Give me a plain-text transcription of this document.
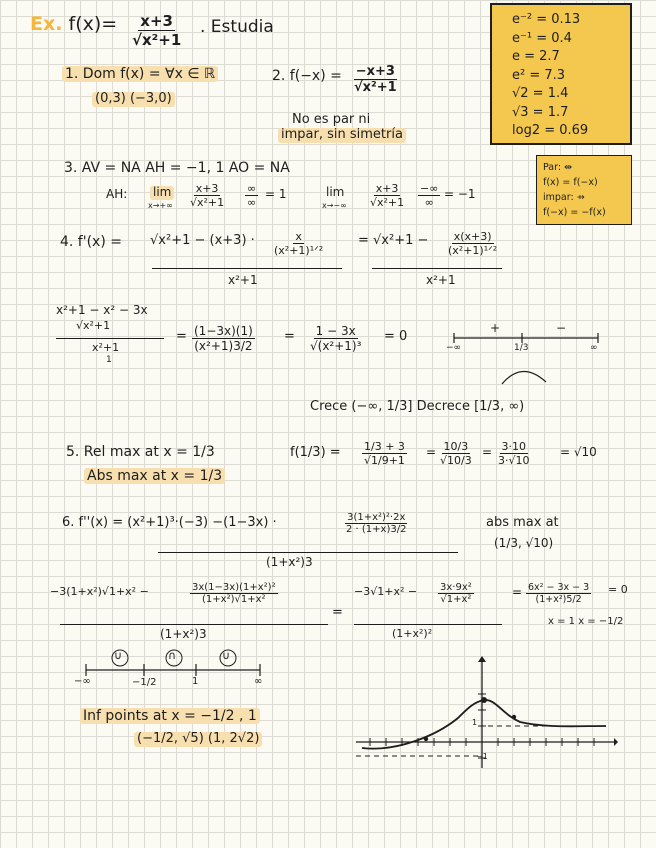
Ex. $f(x)= \frac{x+3}{\text{√x²+1}}$ . Estudia	e⁻² = 0.13
e⁻¹ = 0.4
e = 2.7
e² = 7.3
√2 = 1.4
√3 = 1.7
log2 = 0.69
1. Dom f(x) = ∀x ∈ ℝ
(0,3) (−3,0)
2. $f(-x) = \frac{-x+3}{\text{√x²+1}}$
No es par ni
impar, sin simetría
Par: ⇹
f(x) = f(−x)
impar: ⇸
f(−x) = −f(x)
3. AV = NA AH = −1, 1 AO = NA
AH: lim
$x\to+\infty \frac{x+3}{\text{√x²+1}}$ ∞
∞
= 1	lim
$x\to-\infty \frac{x+3}{\text{√x²+1}}$ −∞
∞
= −1
4. f'(x) = √x²+1 − (x+3) ·	x
(x²+1)¹ᐟ²
x²+1
= √x²+1 − x(x+3)
(x²+1)¹ᐟ²
x²+1
x²+1 − x² − 3x
√x²+1
x²+1
1
= $\frac{(1-3x)(1)}{\text{(x²+1)3/2}} = \frac{1 - 3x}{\text{√(x²+1)³}} = 0$
+	−
−∞	1/3	∞
Crece (−∞, 1/3] Decrece [1/3, ∞)
5. Rel max at x = 1/3
Abs max at x = 1/3
$f(1/3) = \frac{1/3 + 3}{√1/9+1} = \frac{10/3}{√10/3} = \frac{3\cdot 10}{3\cdot√10} = √10$
6. f''(x) = (x²+1)³·(−3) −(1−3x) ·	$\frac{\text{3(1+x²)²·2x}}{2 \cdot (1+x)3/2}$
(1+x²)3
abs max at
(1/3, √10)
−3(1+x²)√1+x² −	$\frac{\text{3x(1−3x)(1+x²)²}}{\text{(1+x²)√1+x²}}$
(1+x²)3
=
$-3√1+x^2 - \frac{\text{3x·9x²}}{\text{√1+x²}}$
(1+x²)²
= $\frac{\text{6x² − 3x − 3}}{\text{(1+x²)5/2}} = 0$
x = 1 x = −1/2
∪	∩	∪
−∞	−1/2	1	∞
Inf points at x = −1/2 , 1
(−1/2, √5) (1, 2√2)
1
−1
